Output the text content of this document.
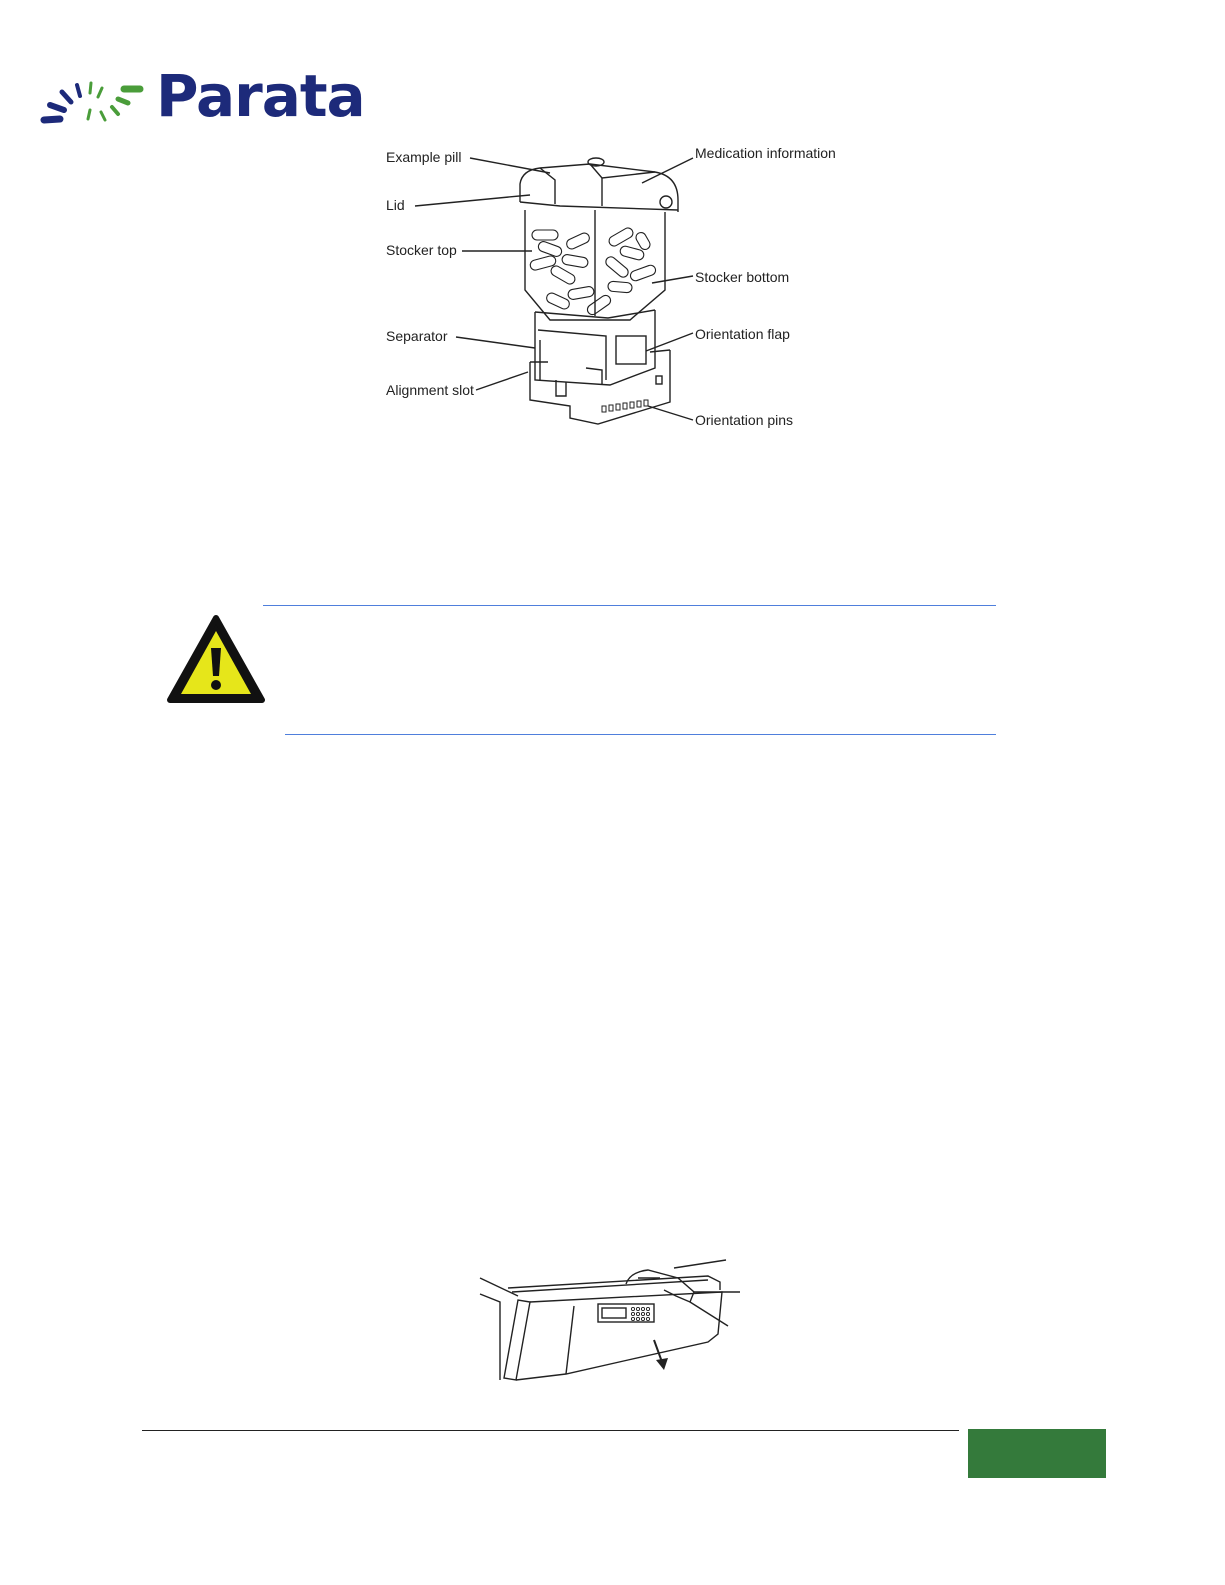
Parata
Example pill	Medication information
Lid
Stocker top
Stocker bottom
Separator	Orientation flap
Alignment slot
Orientation pins
